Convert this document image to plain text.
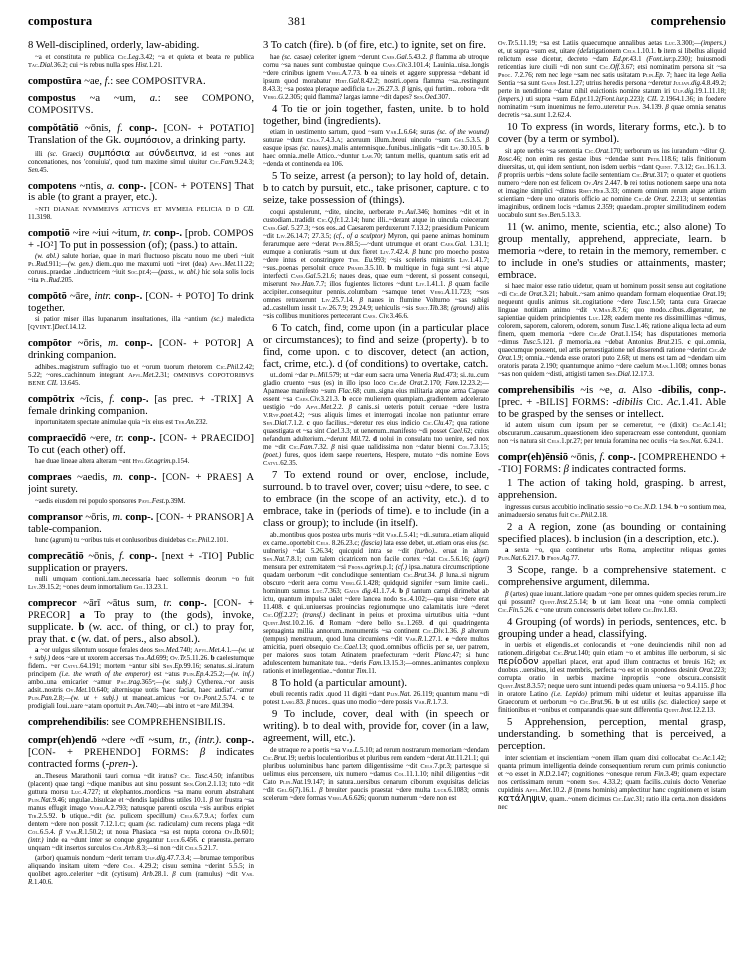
compostura	381	comprehensio
8 Well-disciplined, orderly, law-abiding.
~a et constituta re publica Cic.Leg.3.42; ~a et quieta et beata re publica Tac.Dial.36.2; cui ~is rebus nulla spes Hist.1.21.
compostūra ~ae, f.: see COMPOSITVRA.
compostus ~a ~um, a.: see COMPONO, COMPOSITVS.
compŏtātiō ~ōnis, f. conp-. [CON- + POTATIO] Translation of the Gk. συμπόσιον, a drinking party.
illi (sc. Graeci) συμπόσια aut σύνδειπνα, id est ~ones aut concenationes, nos 'conuiuia', quod tum maxime simul uiuitur Cic.Fam.9.24.3; Sen.45.
compotens ~ntis, a. conp-. [CON- + POTENS] That is able (to grant a prayer, etc.).
~NTI DIANAE NVMMEIVS ATTICVS ET MVMEIA FELICIA D D CIL 11.3198.
compotiō ~ire ~iui ~itum, tr. conp-. [prob. COMPOS + -IO²] To put in possession (of); (pass.) to attain.
(w. abl.) salute horiae, quae in mari fluctuoso piscatu nouo me uberi ~iuit Pl.Rud.911;—(w. gen.) diem..quo me maxumi uoti ~iret (dea) Apvl.Met.11.22; coruus..praedae ..inductricem ~iuit Soc.pr.4;—(pass., w. abl.) hic sola solis locis ~ita Pl.Rud.205.
compōtō ~āre, intr. conp-. [CON- + POTO] To drink together.
si patior miser illas lupanarum insultationes, illa ~antium (sc.) maledicta [QVINT.]Decl.14.12.
compōtor ~ōris, m. conp-. [CON- + POTOR] A drinking companion.
adhibes..magistrum suffragio tuo et ~orum tuorum rhetorem Cic.Phil.2.42; 5.22; ~ores..cachinnum integrant Apvl.Met.2.31; OMNIBVS COPOTORIBVS BENE CIL 13.645.
compōtrix ~īcis, f. conp-. [as prec. + -TRIX] A female drinking companion.
inportunitatem spectate animulae quia ~ix eius est Ter.An.232.
compraecīdō ~ere, tr. conp-. [CON- + PRAECIDO] To cut (each other) off.
hae duae lineae altera alteram ~ent Hyg.Gr.agrim.p.154.
compraes ~aedis, m. conp-. [CON- + PRAES] A joint surety.
~aedis eiusdem rei populo sponsores Pavl.Fest.p.39M.
compransor ~ōris, m. conp-. [CON- + PRANSOR] A table-companion.
hunc (agrum) tu ~oribus tuis et conlusoribus diuidebas Cic.Phil.2.101.
comprecātiō ~ōnis, f. conp-. [next + -TIO] Public supplication or prayers.
nulli umquam contioni..tam..necessaria haec sollemnis deorum ~o fuit Liv.39.15.2; ~ones deum inmortalium Gel.13.23.1.
comprecor ~ārī ~ātus sum, tr. conp-. [CON- + PRECOR] a To pray to (the gods), invoke, supplicate. b (w. acc. of thing, or cl.) to pray for, pray that. c (w. dat. of pers., also absol.).
a ~or uulgus silentum uosque ferales deos Sen.Med.740; Apvl.Met.4.1.—(w. ut + subj.) deos ~are ut uxorem accersas Ter.Ad.699; Ov.Tr.5.11.26. b caelestumque fidem.. ~er Catvl.64.191; mortem ~antur sibi Sen.Ep.99.16; senatus..si..iratum principem (i.e. the wrath of the emperor) est ~atus Plin.Ep.4.25.2;—(w. inf.) ambo..una emicarier ~amur Pac.trag.365ᵃ;—(w. subj.) Cytherea..~or ausis adsit..nostris Ov.Met.10.640; alternisque uotis 'haec faciat, haec audiat'..~amur Plin.Pan.2.8;—(w. ut + subj.) ut maneat..amicus ~or Ov.Pont.2.5.74. c te prodigiali Ioui..uare ~atam oportuit Pl.Am.740;—abi intro et ~are Mil.394.
comprehendibilis: see COMPREHENSIBILIS.
compr(eh)endō ~dere ~dī ~sum, tr., (intr.). conp-. [CON- + PREHENDO] FORMS: β indicates contracted forms (-pren-).
an..Theseus Marathonii tauri cornua ~dit iratus? Cic. Tusc.4.50; infantibus (placent) quae tangi ~dique manibus aut sinu possunt Sen.Con.2.1.13; tuto ~dit guttura morsu Luc.4.727; ut elephantos..mordicus ~sa manu eorum abstrahant Plin.Nat.9.46; ungulae..bisulcae et ~dendis lapidibus utiles 10.1. β ter frustra ~sa manus effugit imago Verg.A.2.793; natusque parenti oscula ~sis auribus eripiet Tib.2.5.92. b utique..~dit (sc. pulicem specillum) Cels.6.7.9.A; forfex cum dentem ~dere non possit 7.12.1.C; quam (sc. radiculam) cum recens plaga ~dit Col.6.5.4. β Var.R.1.50.2; ut noua Phasiaca ~sa est nupta corona Ov.Ib.601; (intr.) inde ea ~dunt inter se conque gregantur Lucr.6.456. c praeusta..perraro unquam ~dit insertos surculos Col.Arb.8.3;—si non ~dit Cels.5.21.7.
(arbor) quamuis nondum ~derit terram Ulp.dig.47.7.3.4; —brumae temporibus aliquando insitam uitem ~dere Col. 4.29.2; cisuu semina ~derint 5.5.5; in quolibet agro..celeriter ~dit (cytisum) Arb.28.1. β cum (ramulus) ~dit Var. R.1.40.6.
3 To catch (fire). b (of fire, etc.) to ignite, set on fire.
hae (sc. casae) celeriter ignem ~derunt Caes.Gal.5.43.2. β flamma ab utroque cornu ~sa naues sunt combustae quinque Caes.Civ.3.101.4; Lauinia..uisa..longis ~dere crinibus ignem Verg.A.7.73. b ea uineis et aggere suppressa ~debant id ipsum quod morabatur Hirt.Gal.8.42.2; nostri..opera flamma ~sa..restingunt 8.43.3; ~sa postea pleraque aedificia Liv.26.27.3. β ignis, qui furtim.. robora ~dit Verg.G.2.305; quid flamma? largas iamne ~dit dapes? Sen.Oed.307.
4 To tie or join together, fasten, unite. b to hold together, bind (ingredients).
etiam in uestimento sartum, quod ~sum Var.L.6.64; suras (sc. of the wound) suturae ~dunt Cels.7.4.3.A; aceruum illum..breui uinculo ~sum Gel.5.3.5. β easque ipsas (sc. naues)..malis antemnisque..funibus..inligatis ~dit Liv.30.10.5. b haec omnia..melle Attico..~duntur Lar.70; tantum mellis, quantum satis erit ad ~denda et continenda ea 106.
5 To seize, arrest (a person); to lay hold of, detain. b to catch by pursuit, etc., take prisoner, capture. c to seize, take possession of (things).
coqui apstulerunt, ~dite, uincite, uerberate Pl.Aul.346; homines ~dit et in custodiam..tradidit Cic.Q.fr.1.2.14; hunc illi..~derant atque in uincula coiecerant Caes.Gal. 5.27.3; ~sos eos..ad Caesarem perduxerunt 7.13.2; praesidium Punicum ~dit Liv.26.14.7; 27.3.5; (cf., of a sculptor) Myron, qui paene animas hominum ferarumque aere ~derat Petr.88.5;—~dunt utrumque et orant Caes.Gal. 1.31.1; eumque a coniuratis ~sum ut dux fieret Liv.7.42.4. β hunc pro moecho postea ~dere intus et constringere Ter. Eu.993; ~sis sceleris ministris Liv.1.41.7; ~sus..poenas persoluit cruce Phaed.3.5.10. b multique in fuga sunt ~si atque interfecti Caes.Gal.5.21.6; naues deas, quae eum ~derent, si possent consequi, miserunt Nep.Han.7.7; illos fugientes lictores ~dunt Liv.1.41.1. β quam facile accipiter..consequitur pennis..columbam ~samque tenet Verg.A.11.723; ~sos omnes retraxerunt Liv.25.7.14. β naues in flumine Volturno ~sas subigi ad..castellum iussit Liv.26.7.9; 29.24.9; uehiculis ~sis Suet.Tib.38; (ground) aliis ~sis collibus munitiores pertecerant Caes. Civ.3.46.6.
6 To catch, find, come upon (in a particular place or circumstances); to find and seize (property). b to find, come upon. c to discover, detect (an action, fact, crime, etc.). d (of conditions) to overtake, catch.
ut..domi ~dar Pl.Mil.579; ut ~dar eum sacra urna Veneria Rud.473; si..tu..cum gladio cruento ~sus (es) in illo ipso loco Cic.de Orat.2.170; Fam.12.23.2;—Apameae manifesto ~sum Flac.68; cum..signa eius militaria atque arma Capuae essent ~sa Caes.Civ.3.21.3. b ecce mulierem quampiam..gradientem adcelerato uestigio ~do Apvl.Met.2.2. β canis..si ueteris potuit ceruae ~dere lustra V.Rvf.poet.4.2; ~sus aliquis limes et interrogati incolae non patiuntur errare Sen.Dial.7.1.2. c quo facilius..~deretur res eius indicio Cic.Clu.47; qua ratione quaestigata et ~sa sint Cael.3.3; ut uenenum..manifesto ~di posset Cael.62; cuius nefandum adulterium..~derunt Mil.72. d uolui in consulatu tuo uenire, sed nox me ~dit Cic.Fam.7.32. β nisi quae ualidissima non ~datur bienni Col.7.3.15; (poet.) fures, quos idem saepe reuertens, Hespere, mutato ~dis nomine Eovs Catvl.62.35.
7 To extend round or over, enclose, include, surround. b to travel over, cover; uisu ~dere, to see. c to embrace (in the scope of an activity, etc.). d to embrace, take in (periods of time). e to include (in a class or group); to include (in itself).
ab..montibus quos postea urbs muris ~dit Var.L.5.41; ~di..sutura..etiam aliquid ex carne..oportebit Cels. 8.26.23.c; (fascia) lata esse debet, ut..etiam oras eius (sc. uulneris) ~dat 5.26.34; quicquid intra se ~dit (turbo).. eruat in altum Sen.Nat.7.8.1; cum talem cicatricem non facile cortex ~dat Col.5.6.16; (agri) mensura per extremitatem ~si Frons.agrim.p.1; (cf.) ipsa..natura circumscriptione quadam uerborum ~dit concluditque sententiam Cic.Brut.34. β luna..si nigrum obscuro ~derit aera cornu Verg.G.1.428; quidquid signifer ~sum limite caeli.. hominum sumus Luc.7.363; Gaius dig.41.1.7.4. b β tantum campi dirimebat ab ictu, quantum impulsa ualet ~dere lancea nodo Sil.4.102;—qua uisu ~dere erat 11.408. c qui..uniuersas prouincias regionumque uno calamitatis iure ~deret Cic.Off.2.27; (transf.) declinant in peius et proxima uirtutibus uitia ~dunt Quint.Inst.10.2.16. d Romam ~dere bello Sil.1.269. d qui quadringenta septuaginta millia annorum..monumentis ~sa continent Cic.Div.1.36. β alterum (tempus) menstruum, quod luna circumiens ~dit Var.R.1.27.1. e ~dere multos amicitia, pueri obsequio Cic.Cael.13; quod..omnibus officiis per se, uer patrem, per maiores suos totam Atinatem praefecturam ~derit Planc.47; si hunc adulescentem humanitate tua.. ~deris Fam.13.15.3;—omnes..animantes conplexu rationis et intellegentiae..~dontur Tim.11.
8 To hold (a particular amount).
ebuli recentis radix .quod 11 digiti ~dant Plin.Nat. 26.119; quantum manu ~di potest Larg.83. β nuces.. quas uno modio ~dere possis Var.R.1.7.3.
9 To include, cover, deal with (in speech or writing). b to deal with, provide for, cover (in a law, agreement, will, etc.).
de utraque re a poetis ~sa Var.L.5.10; ad rerum nostrarum memoriam ~dendam Cic.Brut.19; uerbis loculentioribus et pluribus rem eandem ~derat Att.11.21.1; qui pluribus uoluminibus hanc partem diligentissime ~dit Cels.7.pr.3; partesque si uelimus eius percensere, uix numero ~damus Col.11.1.10; nihil diligentius ~dit Cato Plin.Nat.19.147; in satura..uersibus cenarum ciborum exquisitas delicias ~dit Gel.6(7).16.1. β breuiter paucis praestat ~dere multa Lucr.6.1083; omnis scelerum ~dere formas Verg.A.6.626; quorum numerum ~dere non est
Ov.Tr.5.11.19; ~sa est Latiis quaecumque annalibus aetas Luc.3.300;—(impers.) et, ut supra ~sum est, uitare (defatigationem Cels.1.10.1. b item si libellus aliquid relictum esse dicetur, decreto ~dam Ed.pr.43.1 (Font.iur.p.230); huiusmodi reticentias iure ciuili ~di non sunt Cic.Off.3.67; etsi nominatim persona sit ~sa Proc. 7.2.76; rem nec lege ~sam nec satis usitatam Plin.Ep. 7; haec ita lege Aelia Sentia ~sa sunt Gaius Inst.1.27; utrius heredis persona ~deretur Julian.dig.4.8.49.2; perte in uenditione ~datur nihil euictionis nomine statum iri Ulp.dig.19.1.11.18; (impers.) uti supra ~sum Ed.pr.11.2(Font.iur.p.223); CIL 2.1964.1.36; in foedere nominatim ~sum inuenimus ne ferro..uteretur Plin. 34.139. β quae omnia senatus decretis ~sa..sunt 1.2.62.4.
10 To express (in words, literary forms, etc.). b to cover (by a term or symbol).
sit apte uerbis ~sa sententia Cic.Orat.170; uerborum us ius iurandum ~ditur Q. Rosc.46; non enim res gestae ibus ~dendae sunt Petr.118.6; talis finitionum diuersitas, ut, qui idem sentiunt, non isdem uerbis ~dant Quint. 7.3.12; Gel.16.1.3. β propriis uerbis ~dens solute facile sententiam Cic.Brut.317; o quater et quotiens numero ~dere non est felicem Ov.Ars 2.447. b rei totius notionem saepe una nota et imagine simplici ~dimus Rhet.Her.3.33; omnem omnium rerum atque artium scientiam ~dere uno oratoris officio ac nomine Cic.de Orat. 2.213; ut sententias imaginibus, ordinem locis ~damus 2.359; quaedam..propter similitudinem eodem uocabulo sunt Sen.Ben.5.13.3.
11 (w. animo, mente, scientia, etc.; also alone) To group mentally, apprehend, appreciate, learn. b memoria ~dere, to retain in the memory, remember. c to include in one's studies or attainments, master; embrace.
si haec maior esse ratio uidetur, quam ut hominum possit sensu aut cogitatione ~di Cic.de Orat.3.21; habuit..~sam animo quandam formam eloquentiae Orat.19; nequeunt quulis animus sit..cogitatione ~dere Tusc.1.50; tanta cura Graecae linguae notitiam animo ~dit V.Max.8.7.6; quo modo..cibus..digeratur, ne sapientiae quidem principientes Luc.128; eadem mente res dissimillimas ~dimus, colorem, saporem, calorem, odorem, sonum Tusc.1.46; ratione aliqua lecta ad eum finem, quem memoria ~dere Cic.de Orat.1.154; has disputationes memoria ~dimus Tusc.5.121. β memoria..ea ~debat Antonius Brut.215. c qui..omnia, quaecumque possent, uel artis peruestigatione uel disserendi ratione ~derint Cic.de Orat.1.9; omnia..~denda esse oratori puto 2.68; ut mens est tam ad ~dendam uim oratoris parata 2.190; quantumque animo ~dere caelum Man.1.108; omnes bonas ~sas non quidem ~disti, attigisti tamen Sen.Dial.12.17.3.
comprehensibilis ~is ~e, a. Also -dibilis, conp-. [prec. + -BILIS] FORMS: -dibilis Cic. Ac.1.41. Able to be grasped by the senses or intellect.
id autem uisum cum ipsum per se cerneretur, ~e (dixit) Cic.Ac.1.41; obscurarum..causarum..quaestionem ideo superacream esse contendunt, quoniam non ~is natura sit Cels.1.pr.27; per tenuia foramina nec oculis ~ia Sen.Nat. 6.24.1.
compr(eh)ēnsiō ~ōnis, f. conp-. [COMPREHENDO + -TIO] FORMS: β indicates contracted forms.
1 The action of taking hold, grasping. b arrest, apprehension.
ingressus cursus accubitio inclinatio sessio ~o Cic.N.D. 1.94. b ~o sontium mea, animaduersio senatus fuit Cic.Phil.2.18.
2 a A region, zone (as bounding or containing specified places). b inclusion (in a description, etc.).
a sexta ~o, qua continetur urbs Roma, amplectitur reliquas gentes Plin.Nat.6.217. b Fron.Aq.77.
3 Scope, range. b a comprehensive statement. c comprehensive argument, dilemma.
β (artes) quae iuuant..latiore quadam ~one per omnes quidem species rerum..ire qui possunt? Quint.Inst.2.5.14; b ut iam liceat una ~one omnia complecti Cic.Fin.5.26. c ~one utrum concesseris debet tollere Cic.Inv.1.83.
4 Grouping (of words) in periods, sentences, etc. b grouping under a head, classifying.
in uerbis et eligendis..et conlocandis et ~one deuinciendis nihil non ad rationem..dirigebat Cic.Brut.140; quin etiam ~o et ambitus ille uerborum, si sic περίοδον appellari placet, erat apud illum contractus et breuis 162; ex duobus ..uersibus, id est membris, perfecta ~o est et in spondeos desinit Orat.223; corrupta oratio in uerbis maxime inpropriis ~one obscura..consistit Quint.Inst.8.3.57; neque uero sunt intuendi pedes quam uniuersa ~o 9.4.115. β hoc in oratore Latino (i.e. Lepido) primum mihi uidetur et leuitas apparuisse illa Graecorum et uerborum ~o Cic.Brut.96. b ut est utilis (sc. dialectice) saepe et finitionibus et ~onibus et comparandis quae sunt differentia Quint.Inst.12.2.13.
5 Apprehension, perception, mental grasp, understanding. b something that is perceived, a perception.
inter scientiam et inscientiam ~onem illam quam dixi collocabat Cic.Ac.1.42; quanta primum intelligentia deinde consequentium rerum cum primis coniunctio et ~o esset in N.D.2.147; cognitiones ~onesque rerum Fin.3.49; quam expectare nos certissimam rerum ~onem Sen. 4.33.2; quam facilis..cuiuis docto Veneriae cupidinis Apvl.Met.10.2. β (mens hominis) amplectitur hanc cognitionem et istam κατάληψιν, quam..~onem dicimus Cic.Luc.31; ratio illa certa..non dissidens nec
